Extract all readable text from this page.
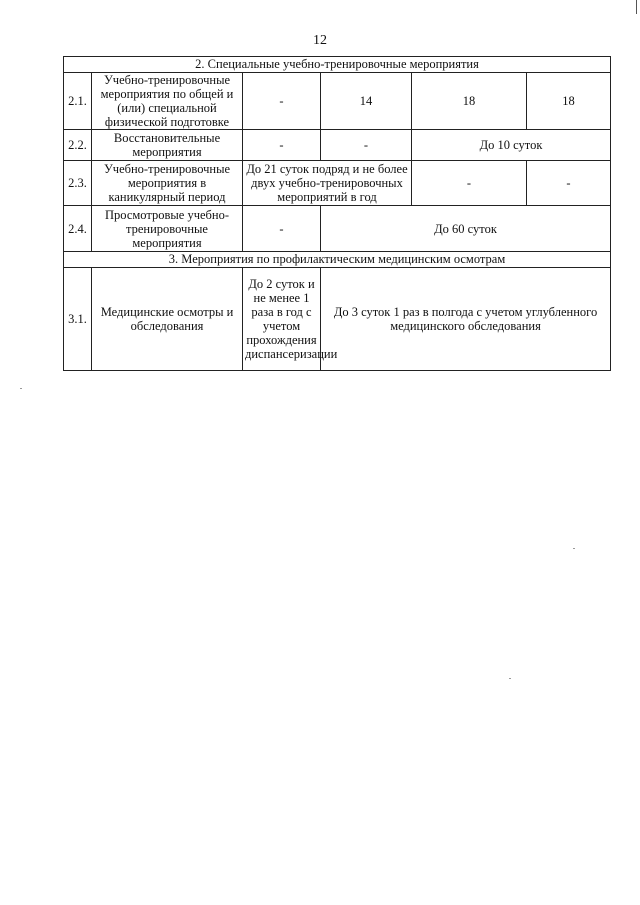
12
2. Специальные учебно-тренировочные мероприятия					
2.1.	Учебно-тренировочные мероприятия по общей и (или) специальной физической подготовке	-	14	18	18
2.2.	Восстановительные мероприятия	-	-	До 10 суток	
2.3.	Учебно-тренировочные мероприятия в каникулярный период	До 21 суток подряд и не более двух учебно-тренировочных мероприятий в год		-	-
2.4.	Просмотровые учебно-тренировочные мероприятия	-	До 60 суток		
3. Мероприятия по профилактическим медицинским осмотрам					
3.1.	Медицинские осмотры и обследования	До 2 суток и не менее 1 раза в год с учетом прохождения диспансеризации	До 3 суток 1 раз в полгода с учетом углубленного медицинского обследования		
